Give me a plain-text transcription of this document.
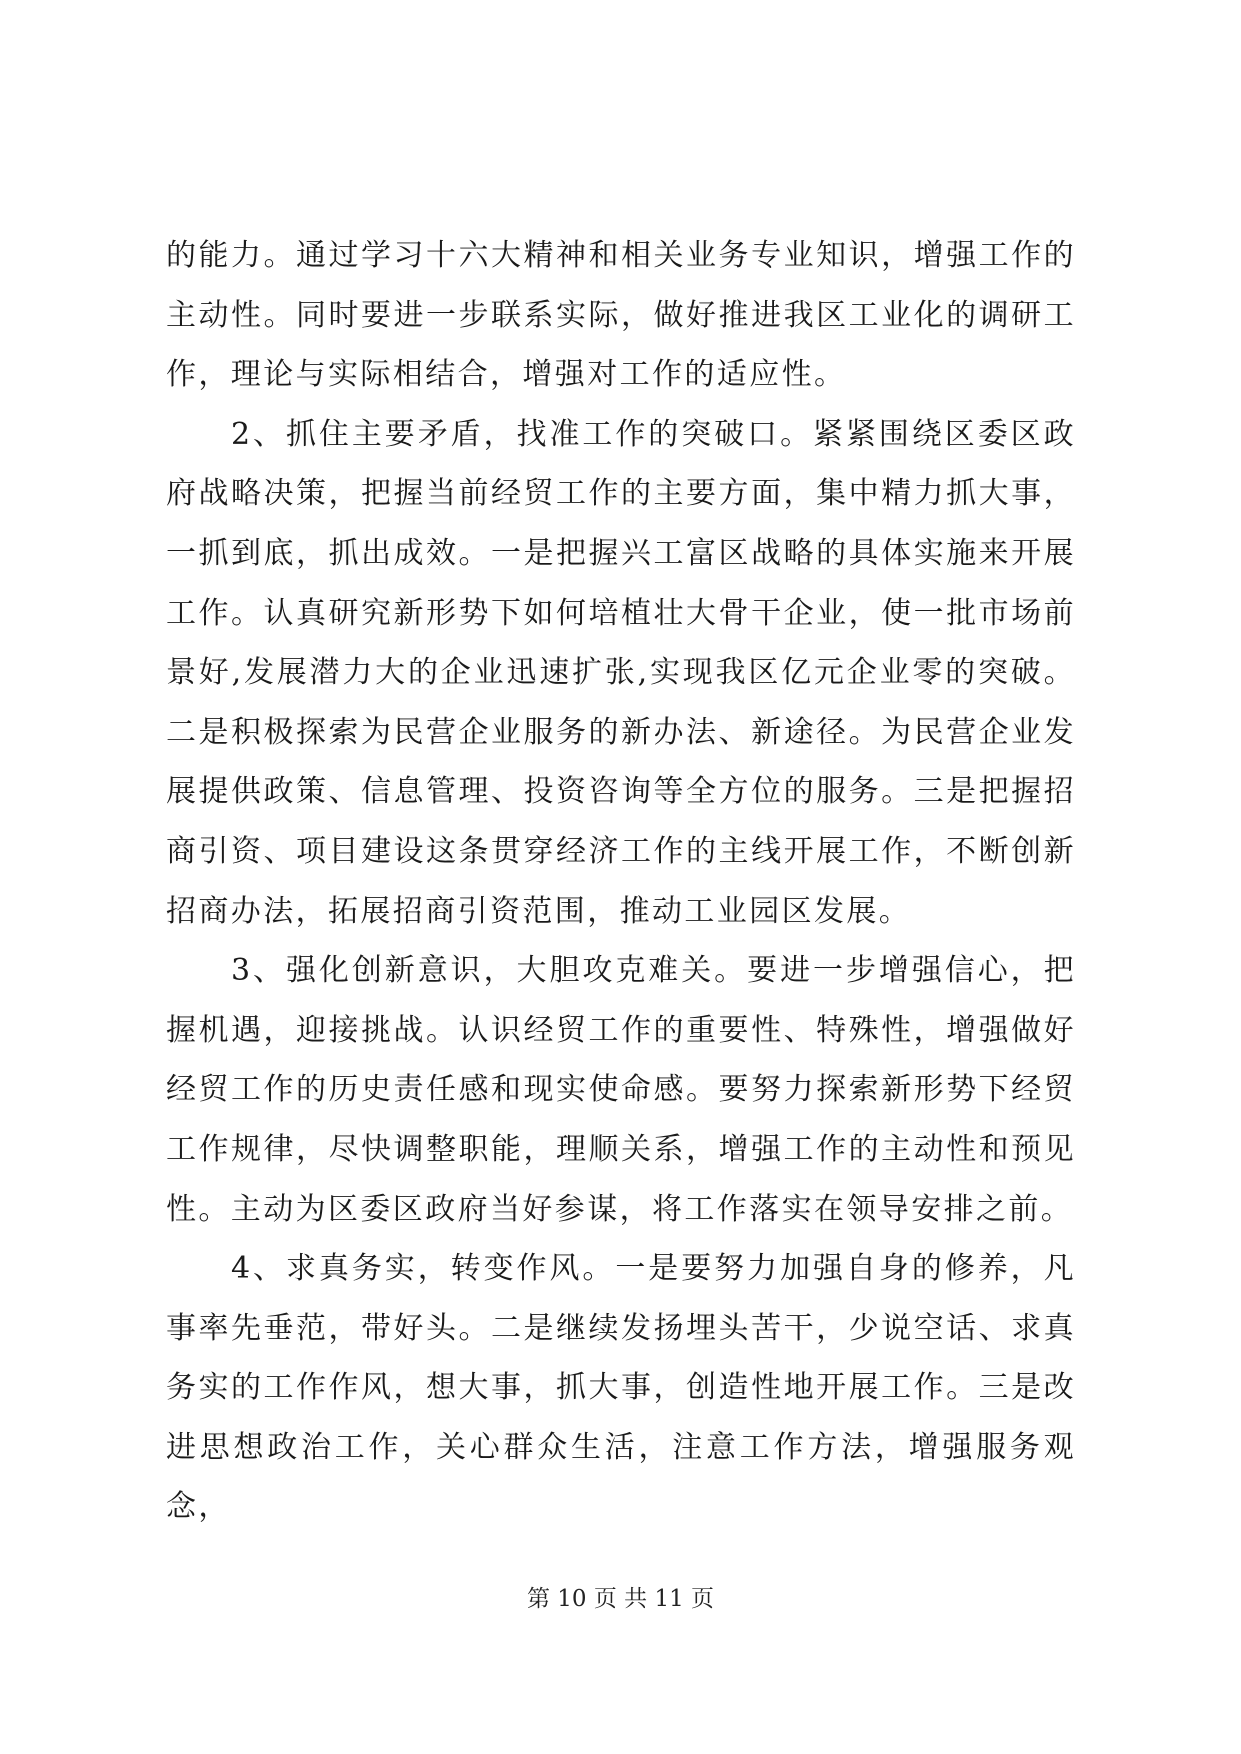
的能力。通过学习十六大精神和相关业务专业知识，增强工作的主动性。同时要进一步联系实际，做好推进我区工业化的调研工作，理论与实际相结合，增强对工作的适应性。

2、抓住主要矛盾，找准工作的突破口。紧紧围绕区委区政府战略决策，把握当前经贸工作的主要方面，集中精力抓大事，一抓到底，抓出成效。一是把握兴工富区战略的具体实施来开展工作。认真研究新形势下如何培植壮大骨干企业，使一批市场前景好,发展潜力大的企业迅速扩张,实现我区亿元企业零的突破。二是积极探索为民营企业服务的新办法、新途径。为民营企业发展提供政策、信息管理、投资咨询等全方位的服务。三是把握招商引资、项目建设这条贯穿经济工作的主线开展工作，不断创新招商办法，拓展招商引资范围，推动工业园区发展。

3、强化创新意识，大胆攻克难关。要进一步增强信心，把握机遇，迎接挑战。认识经贸工作的重要性、特殊性，增强做好经贸工作的历史责任感和现实使命感。要努力探索新形势下经贸工作规律，尽快调整职能，理顺关系，增强工作的主动性和预见性。主动为区委区政府当好参谋，将工作落实在领导安排之前。

4、求真务实，转变作风。一是要努力加强自身的修养，凡事率先垂范，带好头。二是继续发扬埋头苦干，少说空话、求真务实的工作作风，想大事，抓大事，创造性地开展工作。三是改进思想政治工作，关心群众生活，注意工作方法，增强服务观念，

第 10 页 共 11 页
